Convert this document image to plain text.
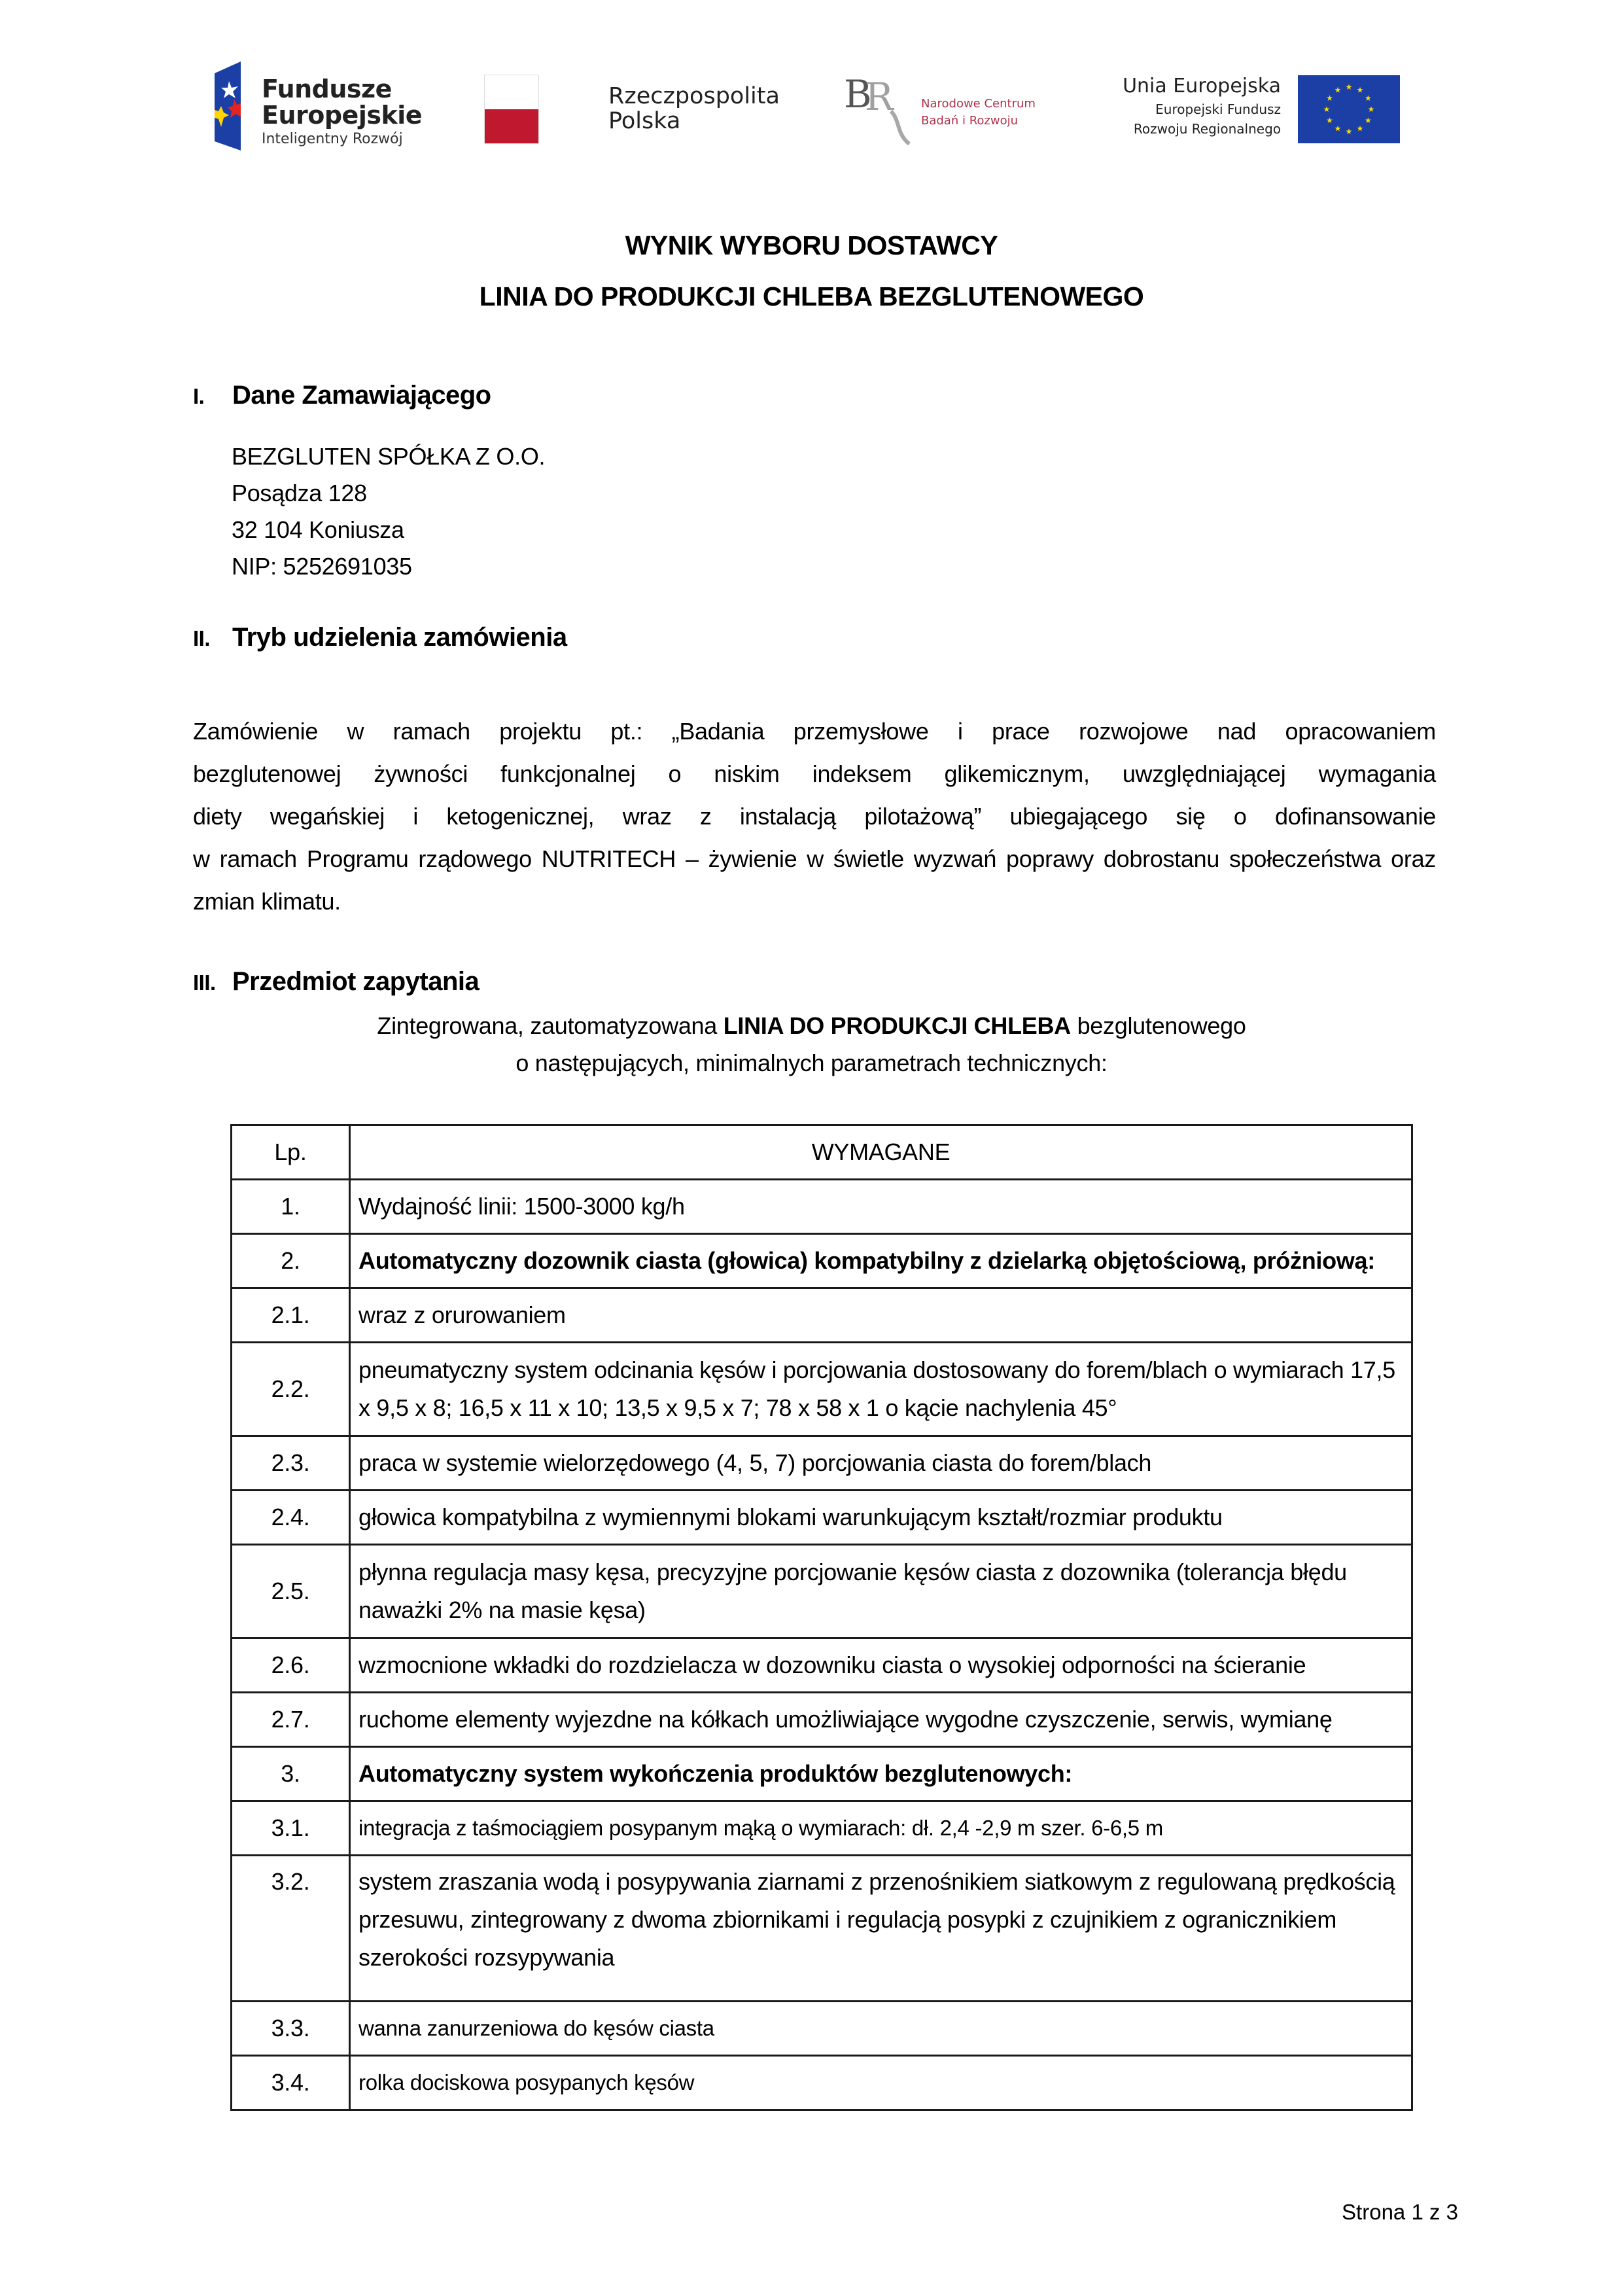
Fundusze
Europejskie
Inteligentny Rozwój
Rzeczpospolita
Polska
B
R Narodowe Centrum
Badań i Rozwoju
Unia Europejska
Europejski Fundusz
Rozwoju Regionalnego
★ ★
★
★
★
★
★
★
★
★
★
★
WYNIK WYBORU DOSTAWCY
LINIA DO PRODUKCJI CHLEBA BEZGLUTENOWEGO
I. Dane Zamawiającego
BEZGLUTEN SPÓŁKA Z O.O.
Posądza 128
32 104 Koniusza
NIP: 5252691035
II. Tryb udzielenia zamówienia
Zamówienie w ramach projektu pt.: „Badania przemysłowe i prace rozwojowe nad opracowaniem
bezglutenowej żywności funkcjonalnej o niskim indeksem glikemicznym, uwzględniającej wymagania
diety wegańskiej i ketogenicznej, wraz z instalacją pilotażową” ubiegającego się o dofinansowanie
w ramach Programu rządowego NUTRITECH – żywienie w świetle wyzwań poprawy dobrostanu społeczeństwa oraz
zmian klimatu.
III. Przedmiot zapytania
Zintegrowana, zautomatyzowana LINIA DO PRODUKCJI CHLEBA bezglutenowego
o następujących, minimalnych parametrach technicznych:
Lp.	WYMAGANE
1.	Wydajność linii: 1500-3000 kg/h
2.	Automatyczny dozownik ciasta (głowica) kompatybilny z dzielarką objętościową, próżniową:
2.1.	wraz z orurowaniem
2.2.	pneumatyczny system odcinania kęsów i porcjowania dostosowany do forem/blach o wymiarach 17,5 x 9,5 x 8; 16,5 x 11 x 10; 13,5 x 9,5 x 7; 78 x 58 x 1 o kącie nachylenia 45°
2.3.	praca w systemie wielorzędowego (4, 5, 7) porcjowania ciasta do forem/blach
2.4.	głowica kompatybilna z wymiennymi blokami warunkującym kształt/rozmiar produktu
2.5.	płynna regulacja masy kęsa, precyzyjne porcjowanie kęsów ciasta z dozownika (tolerancja błędu naważki 2% na masie kęsa)
2.6.	wzmocnione wkładki do rozdzielacza w dozowniku ciasta o wysokiej odporności na ścieranie
2.7.	ruchome elementy wyjezdne na kółkach umożliwiające wygodne czyszczenie, serwis, wymianę
3.	Automatyczny system wykończenia produktów bezglutenowych:
3.1.	integracja z taśmociągiem posypanym mąką o wymiarach: dł. 2,4 -2,9 m szer. 6-6,5 m
3.2.	system zraszania wodą i posypywania ziarnami z przenośnikiem siatkowym z regulowaną prędkością przesuwu, zintegrowany z dwoma zbiornikami i regulacją posypki z czujnikiem z ogranicznikiem szerokości rozsypywania
3.3.	wanna zanurzeniowa do kęsów ciasta
3.4.	rolka dociskowa posypanych kęsów
Strona 1 z 3
